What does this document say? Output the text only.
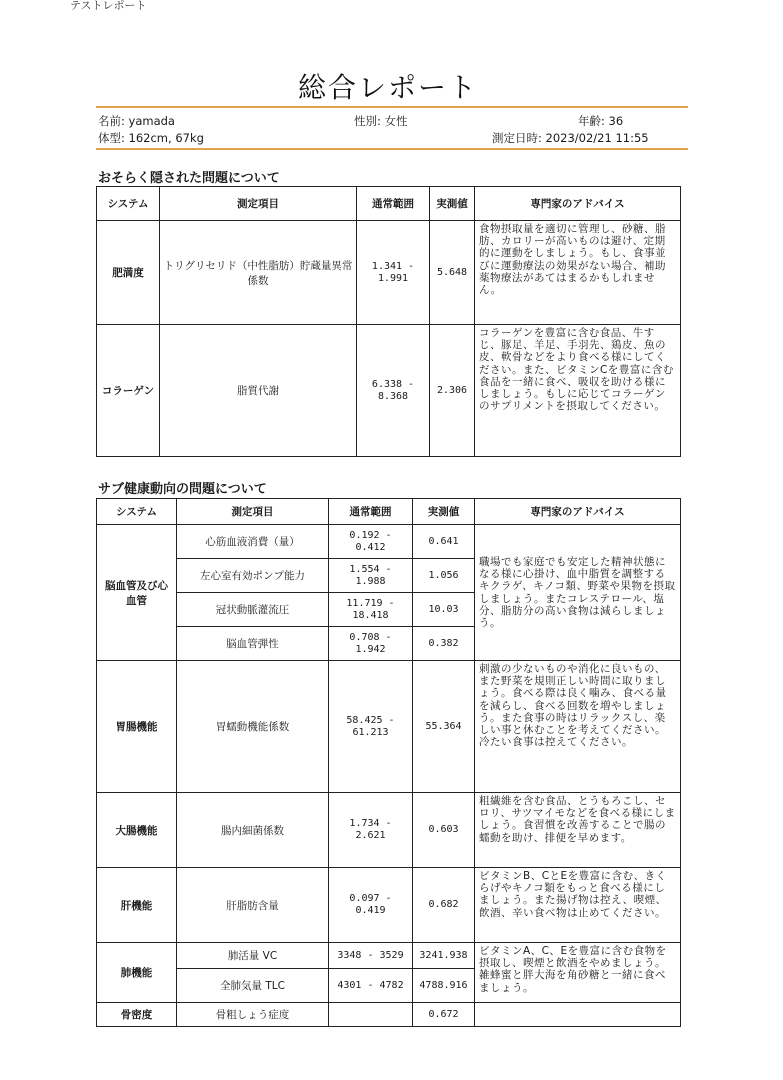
テストレポート
総合レポート
名前: yamada	性別: 女性	年齢: 36
体型: 162cm, 67kg	測定日時: 2023/02/21 11:55
おそらく隠された問題について
システム	測定項目	通常範囲	実測値	専門家のアドバイス
肥満度	トリグリセリド（中性脂肪）貯蔵量異常係数	1.341 - 1.991	5.648	食物摂取量を適切に管理し、砂糖、脂肪、カロリーが高いものは避け、定期的に運動をしましょう。もし、食事並びに運動療法の効果がない場合、補助薬物療法があてはまるかもしれません。
コラーゲン	脂質代謝	6.338 - 8.368	2.306	コラーゲンを豊富に含む食品、牛すじ、豚足、羊足、手羽先、鶏皮、魚の皮、軟骨などをより食べる様にしてください。また、ビタミンCを豊富に含む食品を一緒に食べ、吸収を助ける様にしましょう。もしに応じてコラーゲンのサプリメントを摂取してください。
サブ健康動向の問題について
システム	測定項目	通常範囲	実測値	専門家のアドバイス
脳血管及び心血管	心筋血液消費（量）	0.192 - 0.412	0.641	職場でも家庭でも安定した精神状態になる様に心掛け、血中脂質を調整するキクラゲ、キノコ類、野菜や果物を摂取しましょう。またコレステロール、塩分、脂肪分の高い食物は減らしましょう。
	左心室有効ポンプ能力	1.554 - 1.988	1.056	
	冠状動脈灌流圧	11.719 - 18.418	10.03	
	脳血管弾性	0.708 - 1.942	0.382	
胃腸機能	胃蠕動機能係数	58.425 - 61.213	55.364	刺激の少ないものや消化に良いもの、また野菜を規則正しい時間に取りましょう。食べる際は良く噛み、食べる量を減らし、食べる回数を増やしましょう。また食事の時はリラックスし、楽しい事と休むことを考えてください。冷たい食事は控えてください。
大腸機能	腸内細菌係数	1.734 - 2.621	0.603	粗繊維を含む食品、とうもろこし、セロリ、サツマイモなどを食べる様にしましょう。食習慣を改善することで腸の蠕動を助け、排便を早めます。
肝機能	肝脂肪含量	0.097 - 0.419	0.682	ビタミンB、CとEを豊富に含む、きくらげやキノコ類をもっと食べる様にしましょう。また揚げ物は控え、喫煙、飲酒、辛い食べ物は止めてください。
肺機能	肺活量 VC	3348 - 3529	3241.938	ビタミンA、C、Eを豊富に含む食物を摂取し、喫煙と飲酒をやめましょう。雑蜂蜜と胖大海を角砂糖と一緒に食べましょう。
	全肺気量 TLC	4301 - 4782	4788.916	
骨密度	骨粗しょう症度		0.672	
